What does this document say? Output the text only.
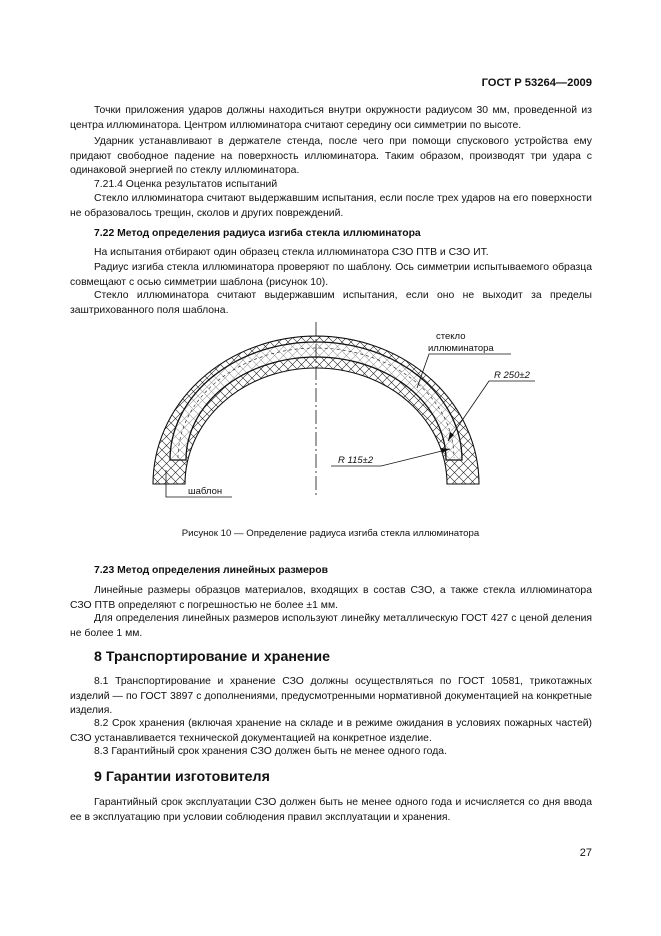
ГОСТ Р 53264—2009

Точки приложения ударов должны находиться внутри окружности радиусом 30 мм, проведенной из центра иллюминатора. Центром иллюминатора считают середину оси симметрии по высоте.

Ударник устанавливают в держателе стенда, после чего при помощи спускового устройства ему придают свободное падение на поверхность иллюминатора. Таким образом, производят три удара с одинаковой энергией по стеклу иллюминатора.

7.21.4 Оценка результатов испытаний

Стекло иллюминатора считают выдержавшим испытания, если после трех ударов на его поверхности не образовалось трещин, сколов и других повреждений.

7.22 Метод определения радиуса изгиба стекла иллюминатора

На испытания отбирают один образец стекла иллюминатора СЗО ПТВ и СЗО ИТ.

Радиус изгиба стекла иллюминатора проверяют по шаблону. Ось симметрии испытываемого образца совмещают с осью симметрии шаблона (рисунок 10).

Стекло иллюминатора считают выдержавшим испытания, если оно не выходит за пределы заштрихованного поля шаблона.

стекло
иллюминатора
R 250±2
R 115±2
шаблон
Рисунок 10 — Определение радиуса изгиба стекла иллюминатора

7.23 Метод определения линейных размеров

Линейные размеры образцов материалов, входящих в состав СЗО, а также стекла иллюминатора СЗО ПТВ определяют с погрешностью не более ±1 мм.

Для определения линейных размеров используют линейку металлическую ГОСТ 427 с ценой деления не более 1 мм.

8 Транспортирование и хранение

8.1 Транспортирование и хранение СЗО должны осуществляться по ГОСТ 10581, трикотажных изделий — по ГОСТ 3897 с дополнениями, предусмотренными нормативной документацией на конкретные изделия.

8.2 Срок хранения (включая хранение на складе и в режиме ожидания в условиях пожарных частей) СЗО устанавливается технической документацией на конкретное изделие.

8.3 Гарантийный срок хранения СЗО должен быть не менее одного года.

9 Гарантии изготовителя

Гарантийный срок эксплуатации СЗО должен быть не менее одного года и исчисляется со дня ввода ее в эксплуатацию при условии соблюдения правил эксплуатации и хранения.

27
